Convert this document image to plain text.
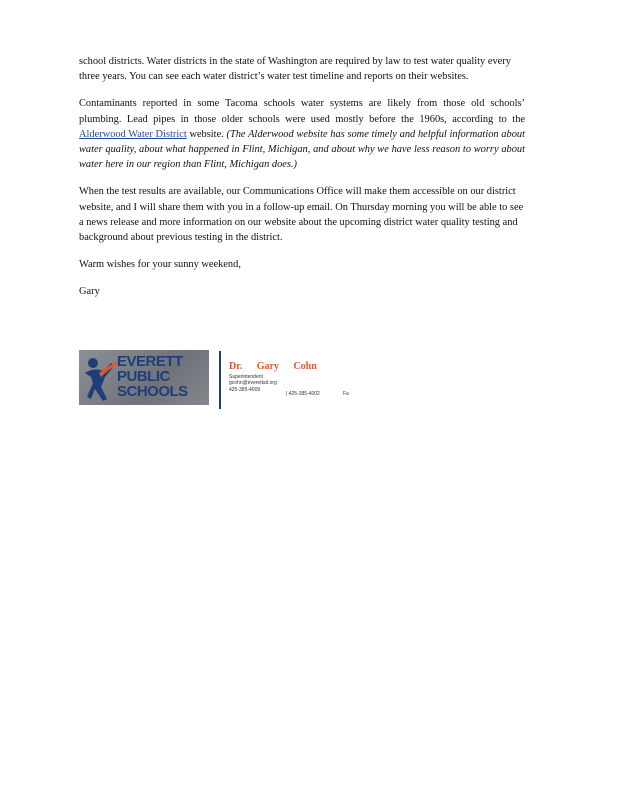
school districts. Water districts in the state of Washington are required by law to test water quality every three years. You can see each water district’s water test timeline and reports on their websites.

Contaminants reported in some Tacoma schools water systems are likely from those old schools’ plumbing. Lead pipes in those older schools were used mostly before the 1960s, according to the Alderwood Water District website. (The Alderwood website has some timely and helpful information about water quality, about what happened in Flint, Michigan, and about why we have less reason to worry about water here in our region than Flint, Michigan does.)

When the test results are available, our Communications Office will make them accessible on our district website, and I will share them with you in a follow-up email. On Thursday morning you will be able to see a news release and more information on our website about the upcoming district water quality testing and background about previous testing in the district.

Warm wishes for your sunny weekend,

Gary

EVERETT
PUBLIC
SCHOOLS
Dr. Gary Cohn
Superintendent
gcohn@everettsd.org
425-385-4009
| 425-385-4002	Fa
